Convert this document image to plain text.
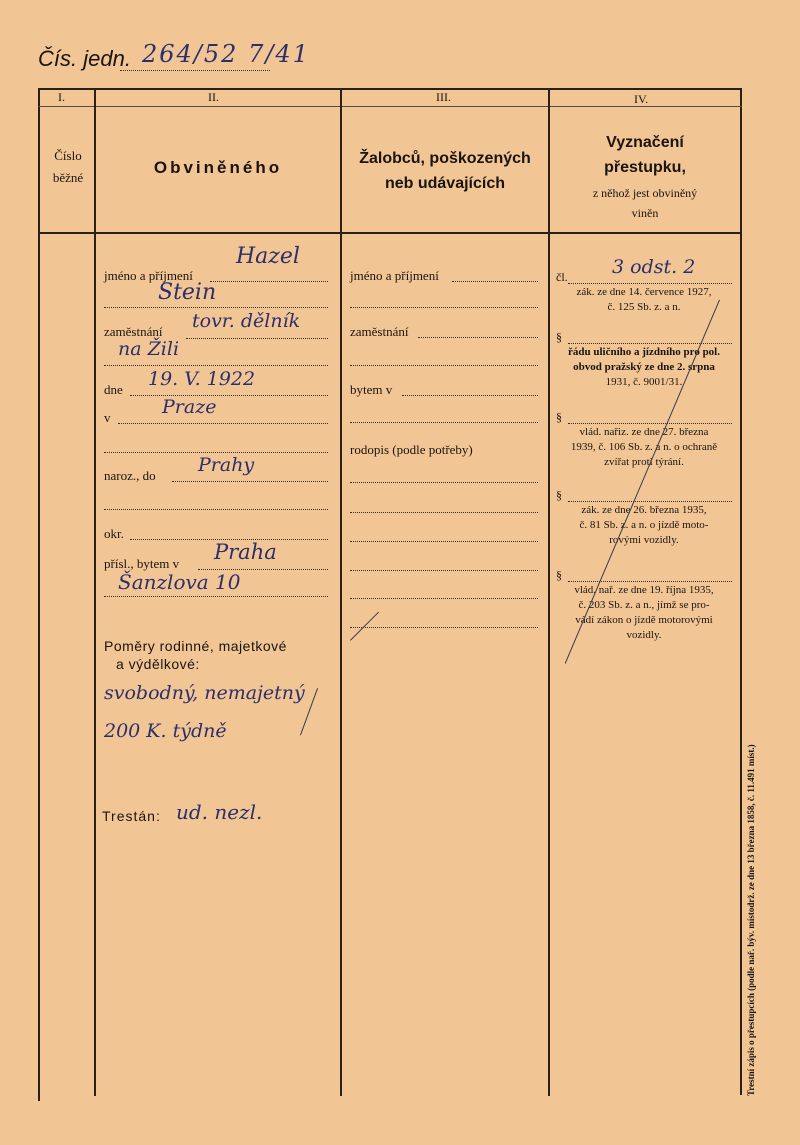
Čís. jedn. 264/52 7/41
I.	II.	III.	IV.
Číslo
běžné
Obviněného	Žalobců, poškozených
neb udávajících
Vyznačení
přestupku,
z něhož jest obviněný
viněn
jméno a příjmení
Hazel
Stein
zaměstnání tovr. dělník
na Žili
dne 19. V. 1922
v	Praze
naroz., do Prahy
okr.
přísl., bytem v Praha
Šanzlova 10
Poměry rodinné, majetkové
a výdělkové:
svobodný, nemajetný
200 K. týdně
Trestán: ud. nezl.
jméno a příjmení
zaměstnání
bytem v
rodopis (podle potřeby)
čl. 3 odst. 2
zák. ze dne 14. července 1927,
č. 125 Sb. z. a n.
§
řádu uličního a jízdního pro pol.
obvod pražský ze dne 2. srpna
1931, č. 9001/31.
§
vlád. nařiz. ze dne 27. března
1939, č. 106 Sb. z. a n. o ochraně
zvířat proti týrání.
§
zák. ze dne 26. března 1935,
č. 81 Sb. z. a n. o jízdě moto-
rovými vozidly.
§
vlád. nař. ze dne 19. října 1935,
č. 203 Sb. z. a n., jímž se pro-
vádí zákon o jízdě motorovými
vozidly.
Trestní zápis o přestupcích (podle nař. býv. místodrž. ze dne 13 března 1858, č. 11.491 míst.)
